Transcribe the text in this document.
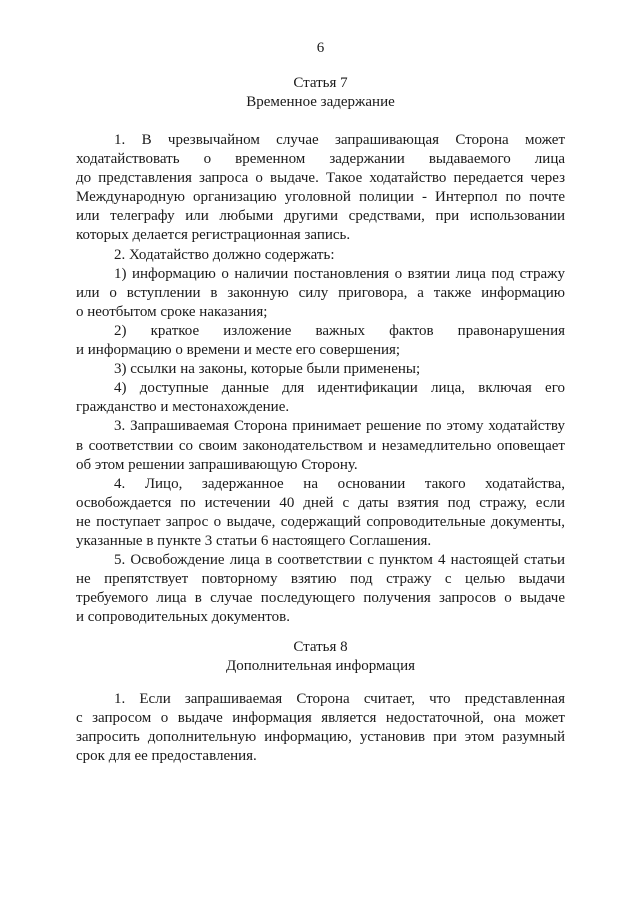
6
Статья 7
Временное задержание
1. В чрезвычайном случае запрашивающая Сторона может
ходатайствовать о временном задержании выдаваемого лица
до представления запроса о выдаче. Такое ходатайство передается через
Международную организацию уголовной полиции - Интерпол по почте
или телеграфу или любыми другими средствами, при использовании
которых делается регистрационная запись.
2. Ходатайство должно содержать:
1) информацию о наличии постановления о взятии лица под стражу
или о вступлении в законную силу приговора, а также информацию
о неотбытом сроке наказания;
2) краткое изложение важных фактов правонарушения
и информацию о времени и месте его совершения;
3) ссылки на законы, которые были применены;
4) доступные данные для идентификации лица, включая его
гражданство и местонахождение.
3. Запрашиваемая Сторона принимает решение по этому ходатайству
в соответствии со своим законодательством и незамедлительно оповещает
об этом решении запрашивающую Сторону.
4. Лицо, задержанное на основании такого ходатайства,
освобождается по истечении 40 дней с даты взятия под стражу, если
не поступает запрос о выдаче, содержащий сопроводительные документы,
указанные в пункте 3 статьи 6 настоящего Соглашения.
5. Освобождение лица в соответствии с пунктом 4 настоящей статьи
не препятствует повторному взятию под стражу с целью выдачи
требуемого лица в случае последующего получения запросов о выдаче
и сопроводительных документов.
Статья 8
Дополнительная информация
1. Если запрашиваемая Сторона считает, что представленная
с запросом о выдаче информация является недостаточной, она может
запросить дополнительную информацию, установив при этом разумный
срок для ее предоставления.
